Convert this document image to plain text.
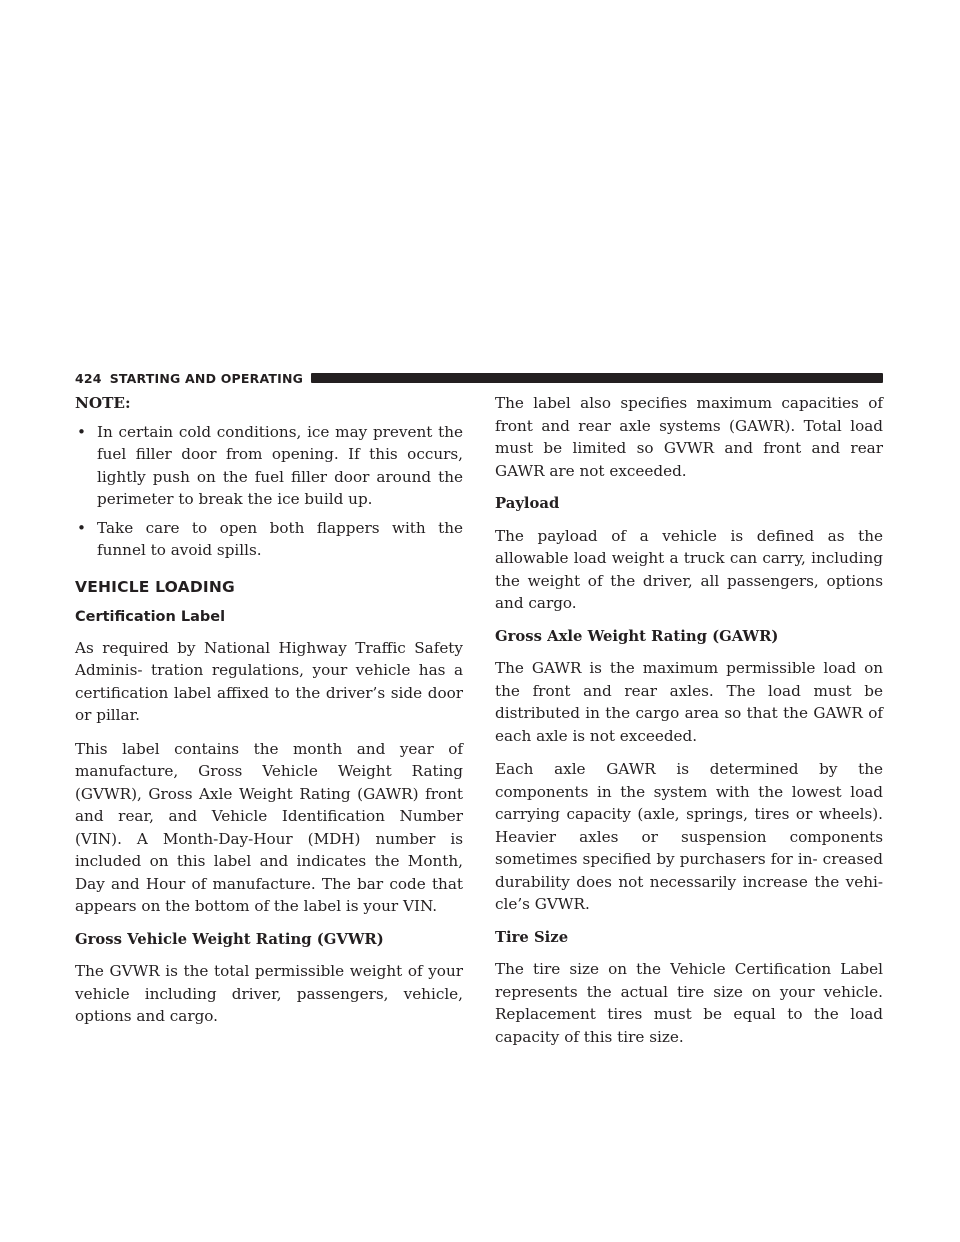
424 STARTING AND OPERATING

NOTE:

• In certain cold conditions, ice may prevent the fuel filler door from opening. If this occurs, lightly push on the fuel filler door around the perimeter to break the ice build up.
• Take care to open both flappers with the funnel to avoid spills.
VEHICLE LOADING
Certification Label

As required by National Highway Traffic Safety Adminis- tration regulations, your vehicle has a certification label affixed to the driver’s side door or pillar.

This label contains the month and year of manufacture, Gross Vehicle Weight Rating (GVWR), Gross Axle Weight Rating (GAWR) front and rear, and Vehicle Identification Number (VIN). A Month-Day-Hour (MDH) number is included on this label and indicates the Month, Day and Hour of manufacture. The bar code that appears on the bottom of the label is your VIN.

Gross Vehicle Weight Rating (GVWR)

The GVWR is the total permissible weight of your vehicle including driver, passengers, vehicle, options and cargo.

The label also specifies maximum capacities of front and rear axle systems (GAWR). Total load must be limited so GVWR and front and rear GAWR are not exceeded.

Payload

The payload of a vehicle is defined as the allowable load weight a truck can carry, including the weight of the driver, all passengers, options and cargo.

Gross Axle Weight Rating (GAWR)

The GAWR is the maximum permissible load on the front and rear axles. The load must be distributed in the cargo area so that the GAWR of each axle is not exceeded.

Each axle GAWR is determined by the components in the system with the lowest load carrying capacity (axle, springs, tires or wheels). Heavier axles or suspension components sometimes specified by purchasers for in- creased durability does not necessarily increase the vehi- cle’s GVWR.

Tire Size

The tire size on the Vehicle Certification Label represents the actual tire size on your vehicle. Replacement tires must be equal to the load capacity of this tire size.
